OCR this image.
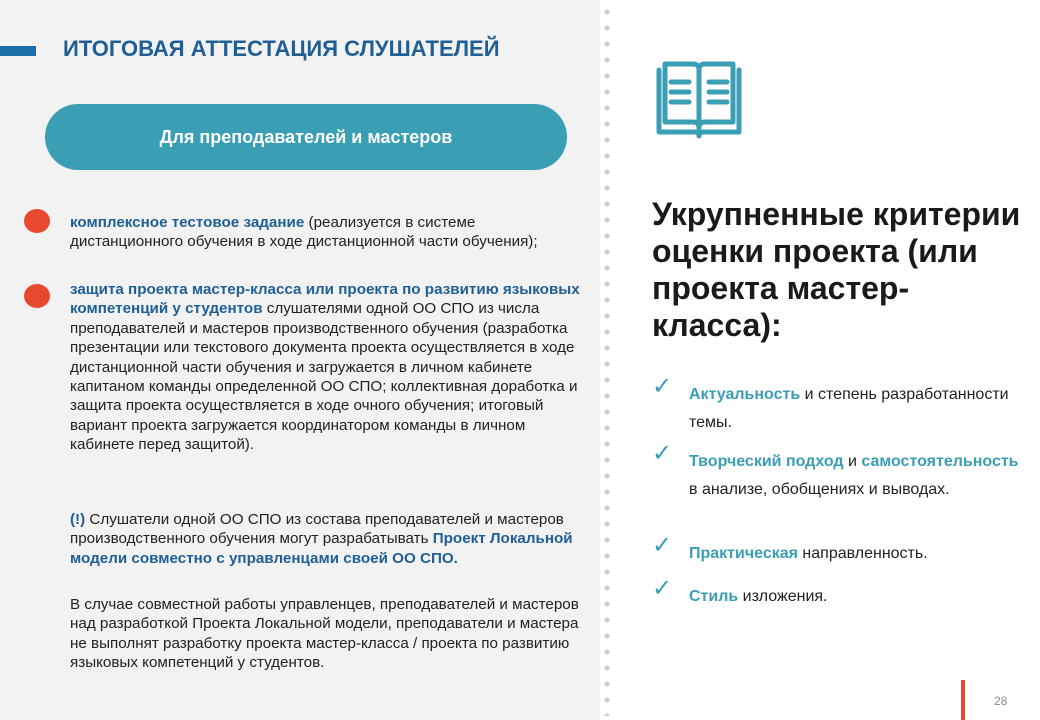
ИТОГОВАЯ АТТЕСТАЦИЯ СЛУШАТЕЛЕЙ
Для преподавателей и мастеров
комплексное тестовое задание (реализуется в системе дистанционного обучения в ходе дистанционной части обучения);
защита проекта мастер-класса или проекта по развитию языковых компетенций у студентов слушателями одной ОО СПО из числа преподавателей и мастеров производственного обучения (разработка презентации или текстового документа проекта осуществляется в ходе дистанционной части обучения и загружается в личном кабинете капитаном команды определенной ОО СПО; коллективная доработка и защита проекта осуществляется в ходе очного обучения; итоговый вариант проекта загружается координатором команды в личном кабинете перед защитой).
(!) Слушатели одной ОО СПО из состава преподавателей и мастеров производственного обучения могут разрабатывать Проект Локальной модели совместно с управленцами своей ОО СПО.
В случае совместной работы управленцев, преподавателей и мастеров над разработкой Проекта Локальной модели, преподаватели и мастера не выполнят разработку проекта мастер-класса / проекта по развитию языковых компетенций у студентов.
Укрупненные критерии оценки проекта (или проекта мастер-класса):
✓ Актуальность и степень разработанности темы.
✓ Творческий подход и самостоятельность в анализе, обобщениях и выводах.
✓ Практическая направленность.
✓ Стиль изложения.
28
